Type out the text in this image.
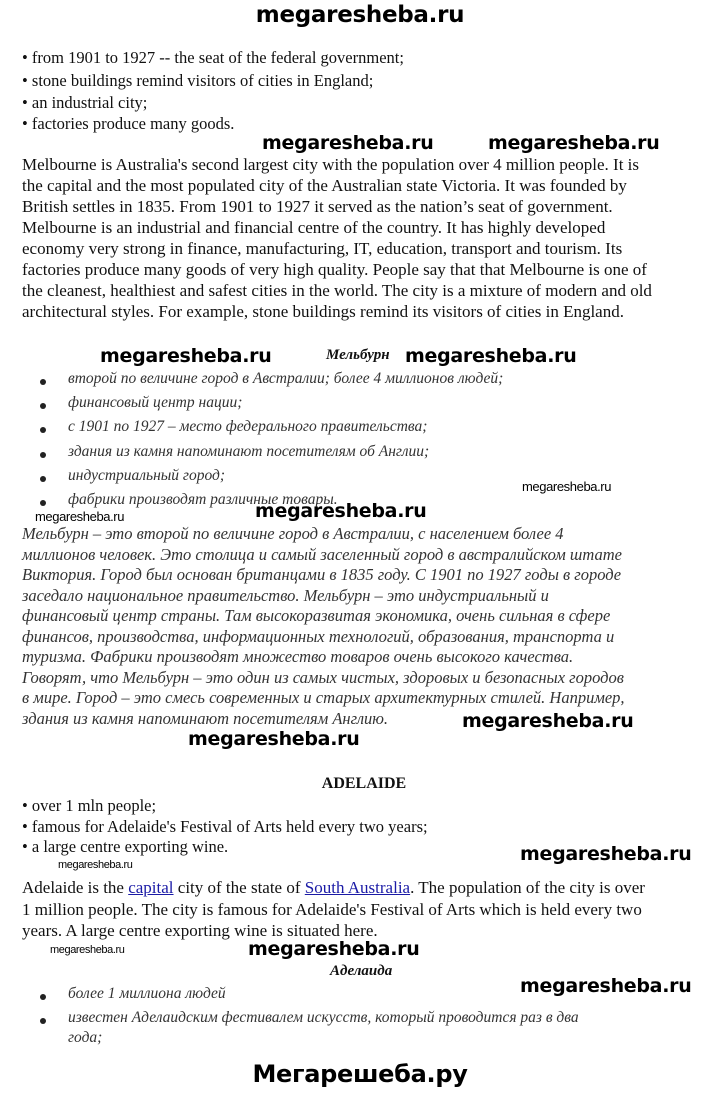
megaresheba.ru
• from 1901 to 1927 -- the seat of the federal government;
• stone buildings remind visitors of cities in England;
• an industrial city;
• factories produce many goods.
megaresheba.ru	megaresheba.ru
Melbourne is Australia's second largest city with the population over 4 million people. It is
the capital and the most populated city of the Australian state Victoria. It was founded by
British settles in 1835. From 1901 to 1927 it served as the nation’s seat of government.
Melbourne is an industrial and financial centre of the country. It has highly developed
economy very strong in finance, manufacturing, IT, education, transport and tourism. Its
factories produce many goods of very high quality. People say that that Melbourne is one of
the cleanest, healthiest and safest cities in the world. The city is a mixture of modern and old
architectural styles. For example, stone buildings remind its visitors of cities in England.
megaresheba.ru	Мельбурн megaresheba.ru
второй по величине город в Австралии; более 4 миллионов людей;
финансовый центр нации;
с 1901 по 1927 – место федерального правительства;
здания из камня напоминают посетителям об Англии;
индустриальный город;
фабрики производят различные товары.
megaresheba.ru
megaresheba.ru	megaresheba.ru
Мельбурн – это второй по величине город в Австралии, с населением более 4
миллионов человек. Это столица и самый заселенный город в австралийском штате
Виктория. Город был основан британцами в 1835 году. С 1901 по 1927 годы в городе
заседало национальное правительство. Мельбурн – это индустриальный и
финансовый центр страны. Там высокоразвитая экономика, очень сильная в сфере
финансов, производства, информационных технологий, образования, транспорта и
туризма. Фабрики производят множество товаров очень высокого качества.
Говорят, что Мельбурн – это один из самых чистых, здоровых и безопасных городов
в мире. Город – это смесь современных и старых архитектурных стилей. Например,
здания из камня напоминают посетителям Англию.	megaresheba.ru
megaresheba.ru
ADELAIDE
• over 1 mln people;
• famous for Adelaide's Festival of Arts held every two years;
• a large centre exporting wine.
megaresheba.ru	megaresheba.ru
Adelaide is the capital city of the state of South Australia. The population of the city is over
1 million people. The city is famous for Adelaide's Festival of Arts which is held every two
years. A large centre exporting wine is situated here.
megaresheba.ru	megaresheba.ru
Аделаида
megaresheba.ru
более 1 миллиона людей
известен Аделаидским фестивалем искусств, который проводится раз в два
года;
Мегарешеба.ру
